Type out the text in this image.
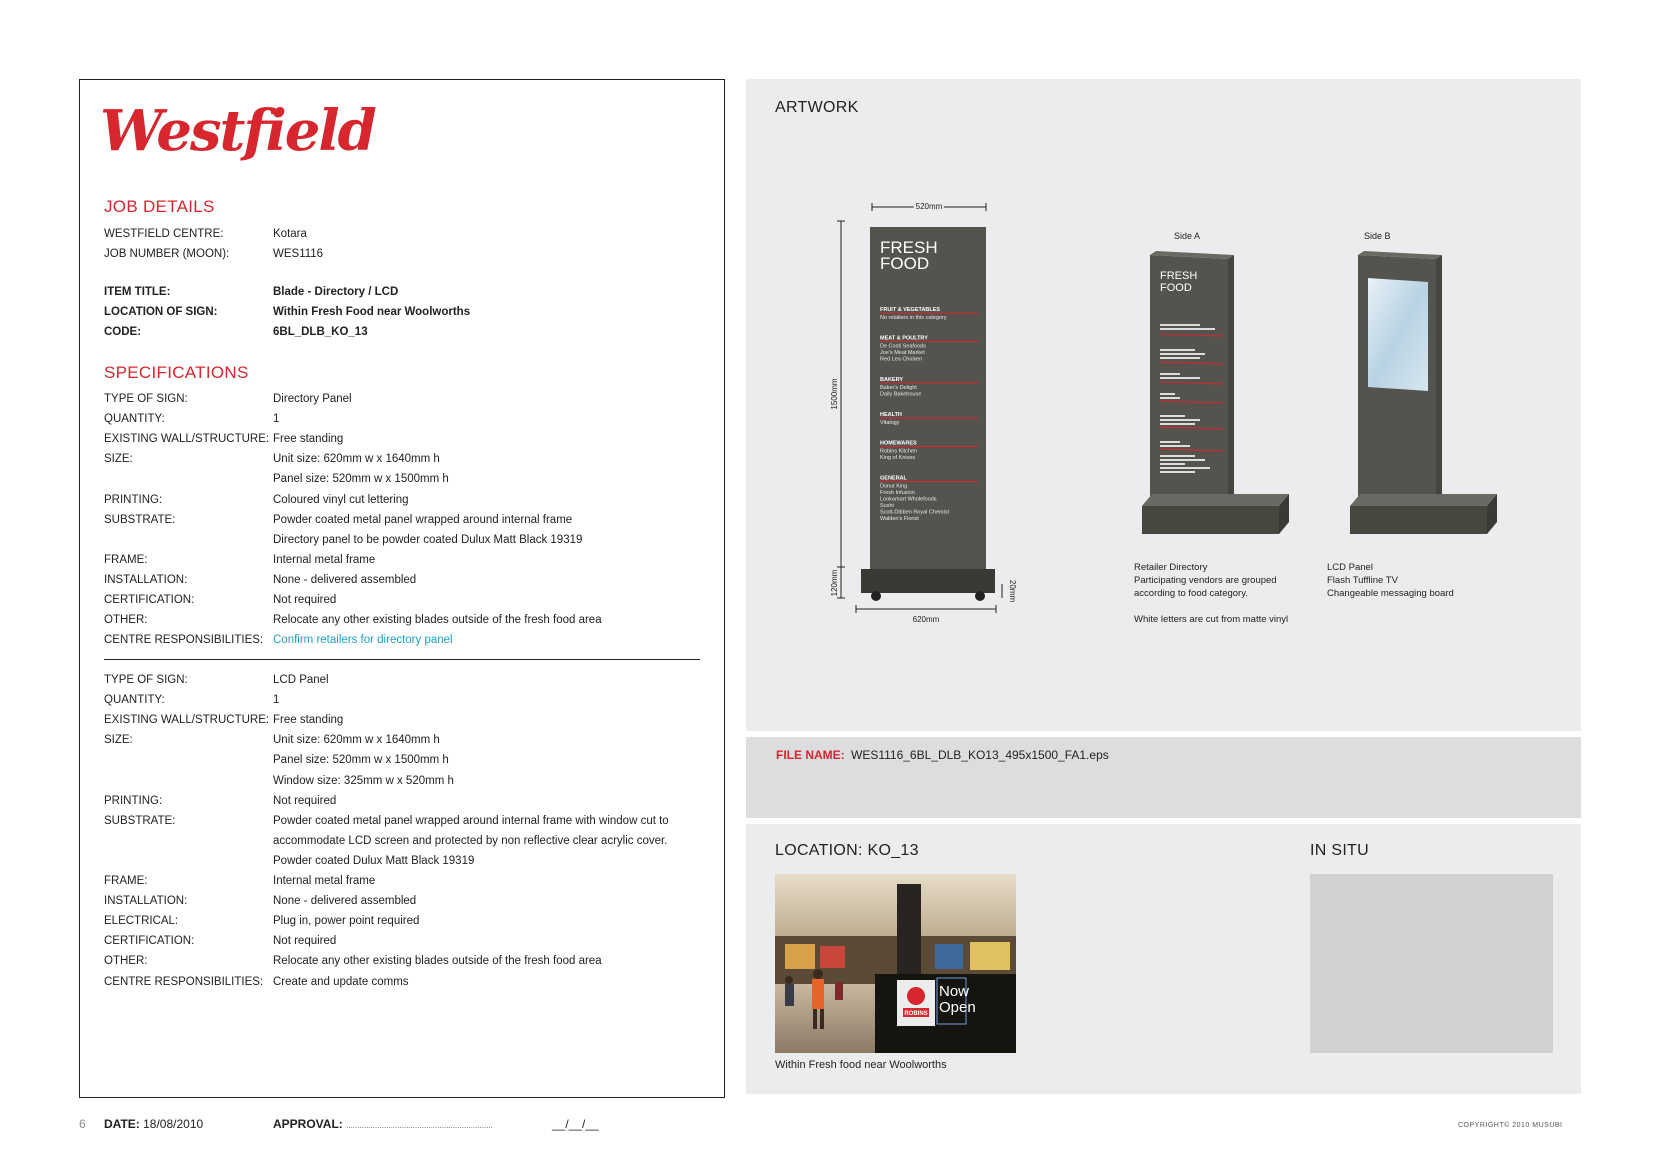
Westfield
JOB DETAILS
WESTFIELD CENTRE:	Kotara
JOB NUMBER (MOON):	WES1116
ITEM TITLE:	Blade - Directory / LCD
LOCATION OF SIGN:	Within Fresh Food near Woolworths
CODE:	6BL_DLB_KO_13
SPECIFICATIONS
TYPE OF SIGN:	Directory Panel
QUANTITY:	1
EXISTING WALL/STRUCTURE: Free standing
SIZE:	Unit size: 620mm w x 1640mm h
Panel size: 520mm w x 1500mm h
PRINTING:	Coloured vinyl cut lettering
SUBSTRATE:	Powder coated metal panel wrapped around internal frame
Directory panel to be powder coated Dulux Matt Black 19319
FRAME:	Internal metal frame
INSTALLATION:	None - delivered assembled
CERTIFICATION:	Not required
OTHER:	Relocate any other existing blades outside of the fresh food area
CENTRE RESPONSIBILITIES: Confirm retailers for directory panel
TYPE OF SIGN:	LCD Panel
QUANTITY:	1
EXISTING WALL/STRUCTURE: Free standing
SIZE:	Unit size: 620mm w x 1640mm h
Panel size: 520mm w x 1500mm h
Window size: 325mm w x 520mm h
PRINTING:	Not required
SUBSTRATE:	Powder coated metal panel wrapped around internal frame with window cut to
accommodate LCD screen and protected by non reflective clear acrylic cover.
Powder coated Dulux Matt Black 19319
FRAME:	Internal metal frame
INSTALLATION:	None - delivered assembled
ELECTRICAL:	Plug in, power point required
CERTIFICATION:	Not required
OTHER:	Relocate any other existing blades outside of the fresh food area
CENTRE RESPONSIBILITIES: Create and update comms
ARTWORK
520mm
1500mm
120mm
620mm
20mm
FRESH
FOOD
FRUIT & VEGETABLES
No retailers in this category
MEAT & POULTRY
De Costi Seafoods
Joe's Meat Market
Red Lea Chicken
BAKERY
Baker's Delight
Daily Bakehouse
HEALTH
Vitalogy
HOMEWARES
Robins Kitchen
King of Knives
GENERAL
Donut King
Fresh Infusion
Lookamart Wholefoods
Sushi
Scott-Dibben Royal Chemist
Walden's Florist
Side A
FRESH
FOOD
Side B
Retailer Directory
Participating vendors are grouped
according to food category.
White letters are cut from matte vinyl
LCD Panel
Flash Tuffline TV
Changeable messaging board
FILE NAME: WES1116_6BL_DLB_KO13_495x1500_FA1.eps
LOCATION: KO_13	IN SITU
ROBINS
Now
Open
Within Fresh food near Woolworths
6 DATE: 18/08/2010	APPROVAL: ..................................................................	__/__/__	COPYRIGHT© 2010 MUSUBI
